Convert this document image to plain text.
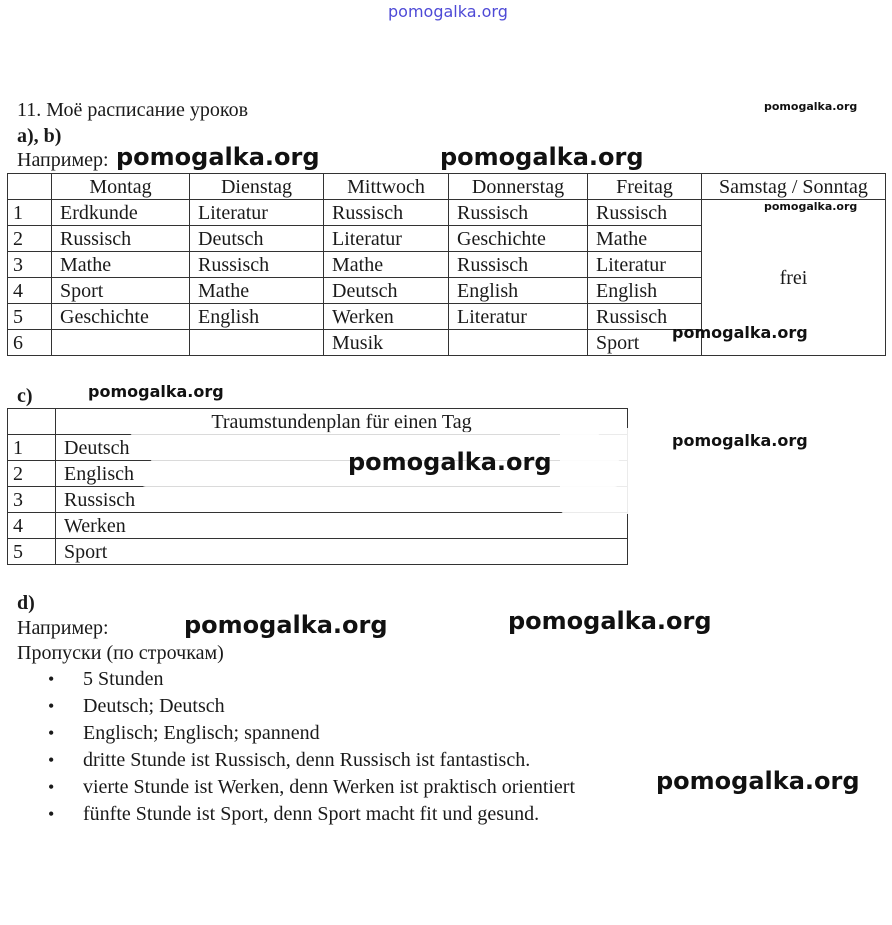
pomogalka.org
11. Моё расписание уроков	pomogalka.org
a), b)
Например: pomogalka.org	pomogalka.org
	Montag	Dienstag	Mittwoch	Donnerstag	Freitag	Samstag / Sonntag
1	Erdkunde	Literatur	Russisch	Russisch	Russisch	frei
2	Russisch	Deutsch	Literatur	Geschichte	Mathe	
3	Mathe	Russisch	Mathe	Russisch	Literatur	
4	Sport	Mathe	Deutsch	English	English	
5	Geschichte	English	Werken	Literatur	Russisch	
6			Musik		Sport	
pomogalka.org
pomogalka.org
c)	pomogalka.org
	Traumstundenplan für einen Tag
1	Deutsch
2	Englisch
3	Russisch
4	Werken
5	Sport
pomogalka.org
pomogalka.org
d)
Например:	pomogalka.org	pomogalka.org
Пропуски (по строчкам)
• 5 Stunden
• Deutsch; Deutsch
• Englisch; Englisch; spannend
• dritte Stunde ist Russisch, denn Russisch ist fantastisch.
• vierte Stunde ist Werken, denn Werken ist praktisch orientiert
• fünfte Stunde ist Sport, denn Sport macht fit und gesund.
pomogalka.org
